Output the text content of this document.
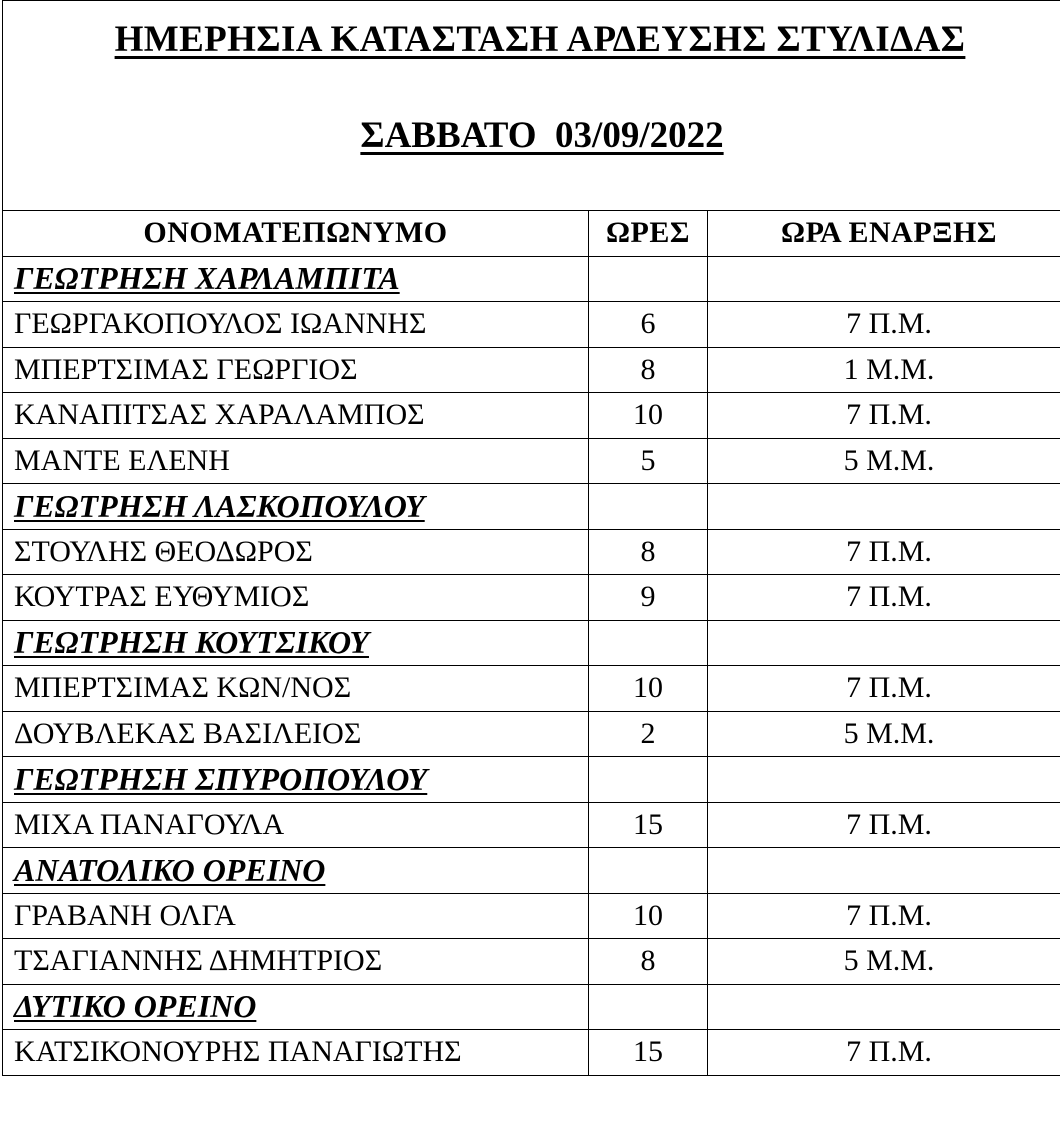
ΗΜΕΡΗΣΙΑ ΚΑΤΑΣΤΑΣΗ ΑΡΔΕΥΣΗΣ ΣΤΥΛΙΔΑΣ
ΣΑΒΒΑΤΟ  03/09/2022
ΟΝΟΜΑΤΕΠΩΝΥΜΟ	ΩΡΕΣ	ΩΡΑ ΕΝΑΡΞΗΣ
ΓΕΩΤΡΗΣΗ ΧΑΡΛΑΜΠΙΤΑ		
ΓΕΩΡΓΑΚΟΠΟΥΛΟΣ ΙΩΑΝΝΗΣ	6	7 Π.Μ.
ΜΠΕΡΤΣΙΜΑΣ ΓΕΩΡΓΙΟΣ	8	1 Μ.Μ.
ΚΑΝΑΠΙΤΣΑΣ ΧΑΡΑΛΑΜΠΟΣ	10	7 Π.Μ.
ΜΑΝΤΕ ΕΛΕΝΗ	5	5 Μ.Μ.
ΓΕΩΤΡΗΣΗ ΛΑΣΚΟΠΟΥΛΟΥ		
ΣΤΟΥΛΗΣ ΘΕΟΔΩΡΟΣ	8	7 Π.Μ.
ΚΟΥΤΡΑΣ ΕΥΘΥΜΙΟΣ	9	7 Π.Μ.
ΓΕΩΤΡΗΣΗ ΚΟΥΤΣΙΚΟΥ		
ΜΠΕΡΤΣΙΜΑΣ ΚΩΝ/ΝΟΣ	10	7 Π.Μ.
ΔΟΥΒΛΕΚΑΣ ΒΑΣΙΛΕΙΟΣ	2	5 Μ.Μ.
ΓΕΩΤΡΗΣΗ ΣΠΥΡΟΠΟΥΛΟΥ		
ΜΙΧΑ ΠΑΝΑΓΟΥΛΑ	15	7 Π.Μ.
ΑΝΑΤΟΛΙΚΟ ΟΡΕΙΝΟ		
ΓΡΑΒΑΝΗ ΟΛΓΑ	10	7 Π.Μ.
ΤΣΑΓΙΑΝΝΗΣ ΔΗΜΗΤΡΙΟΣ	8	5 Μ.Μ.
ΔΥΤΙΚΟ ΟΡΕΙΝΟ		
ΚΑΤΣΙΚΟΝΟΥΡΗΣ ΠΑΝΑΓΙΩΤΗΣ	15	7 Π.Μ.
